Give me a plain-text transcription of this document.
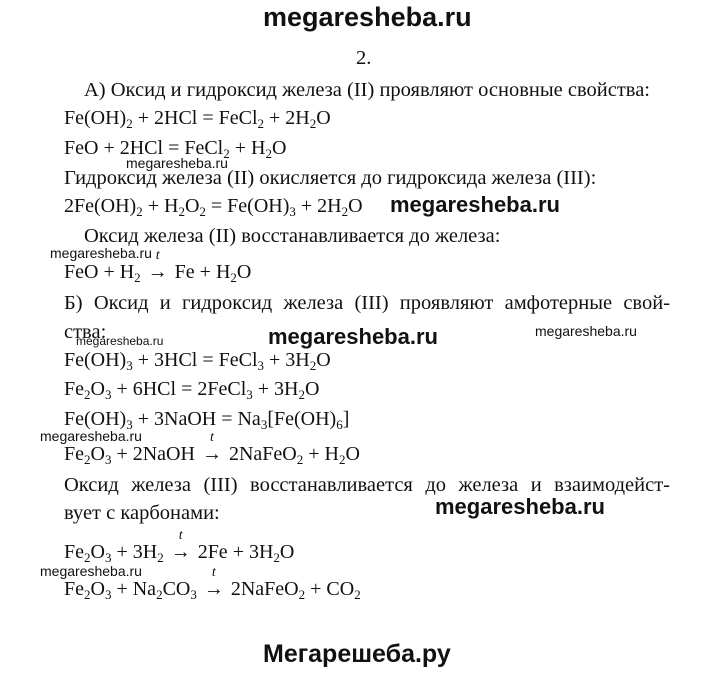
megaresheba.ru
2.
А) Оксид и гидроксид железа (II) проявляют основные свойства:
$Fe(OH)_2 + 2HCl$ = FeCl$_2$ + $2H_2O$
FeO + 2HCl = FeCl$_2$ + $H_2O$
megaresheba.ru
Гидроксид железа (II) окисляется до гидроксида железа (III):
$2Fe(OH)_2 + H_2O_2 = Fe(OH)_3 + 2H_2O$ megaresheba.ru
Оксид железа (II) восстанавливается до железа:
megaresheba.ru
FeO + $H_2$
t
→ $Fe + H_2O$
Б) Оксид и гидроксид железа (III) проявляют амфотерные свой-
ства:
megaresheba.ru	megaresheba.ru	megaresheba.ru
$Fe(OH)_3 + 3HCl$ = FeCl$_3$ + $3H_2O$
$Fe_2O_3 + 6HCl$ = 2FeCl$_3$ + $3H_2O$
$Fe(OH)_3$ + 3NaOH = $Na_3[Fe(OH)_6]$
megaresheba.ru
$Fe_2O_3$ + 2NaOH
t
→ 2NaFeO$_2$ + $H_2O$
Оксид железа (III) восстанавливается до железа и взаимодейст-
вует с карбонами:	megaresheba.ru
$Fe_2O_3 + 3H_2$
t
→ $2Fe + 3H_2O$
megaresheba.ru
$Fe_2O_3 + Na_2CO_3$
t
→ 2NaFeO$_2$ + $CO_2$
Мегарешеба.ру
